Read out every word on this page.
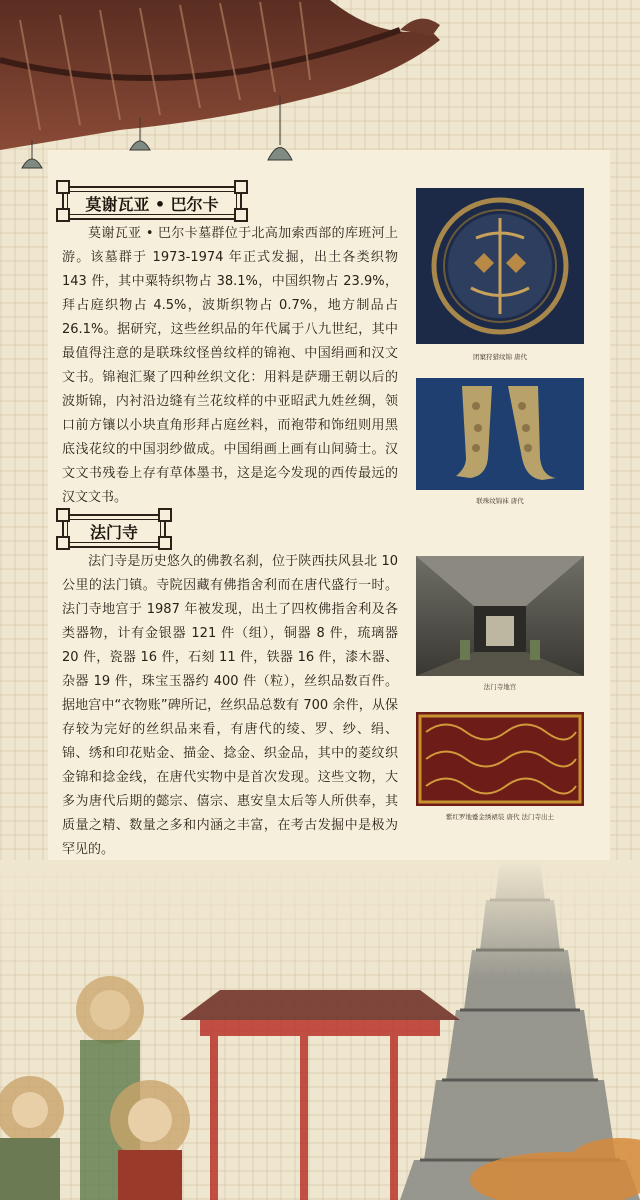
莫谢瓦亚 • 巴尔卡

莫谢瓦亚 • 巴尔卡墓群位于北高加索西部的库班河上游。该墓群于 1973-1974 年正式发掘，出土各类织物 143 件，其中粟特织物占 38.1%，中国织物占 23.9%，拜占庭织物占 4.5%，波斯织物占 0.7%，地方制品占 26.1%。据研究，这些丝织品的年代属于八九世纪，其中最值得注意的是联珠纹怪兽纹样的锦袍、中国绢画和汉文文书。锦袍汇聚了四种丝织文化：用料是萨珊王朝以后的波斯锦，内衬沿边缝有兰花纹样的中亚昭武九姓丝绸，领口前方镶以小块直角形拜占庭丝料，而袍带和饰纽则用黑底浅花纹的中国羽纱做成。中国绢画上画有山间骑士。汉文文书残卷上存有草体墨书，这是迄今发现的西传最远的汉文文书。

团窠狩猎纹锦 唐代
联珠纹锦袜 唐代
法门寺

法门寺是历史悠久的佛教名刹，位于陕西扶风县北 10 公里的法门镇。寺院因藏有佛指舍利而在唐代盛行一时。法门寺地宫于 1987 年被发现，出土了四枚佛指舍利及各类器物，计有金银器 121 件（组），铜器 8 件，琉璃器 20 件，瓷器 16 件，石刻 11 件，铁器 16 件，漆木器、杂器 19 件，珠宝玉器约 400 件（粒），丝织品数百件。据地宫中“衣物账”碑所记，丝织品总数有 700 余件，从保存较为完好的丝织品来看，有唐代的绫、罗、纱、绢、锦、绣和印花贴金、描金、捻金、织金品，其中的菱纹织金锦和捻金线，在唐代实物中是首次发现。这些文物，大多为唐代后期的懿宗、僖宗、惠安皇太后等人所供奉，其质量之精、数量之多和内涵之丰富，在考古发掘中是极为罕见的。

法门寺地宫
紫红罗地蹙金绣裙装 唐代 法门寺出土
